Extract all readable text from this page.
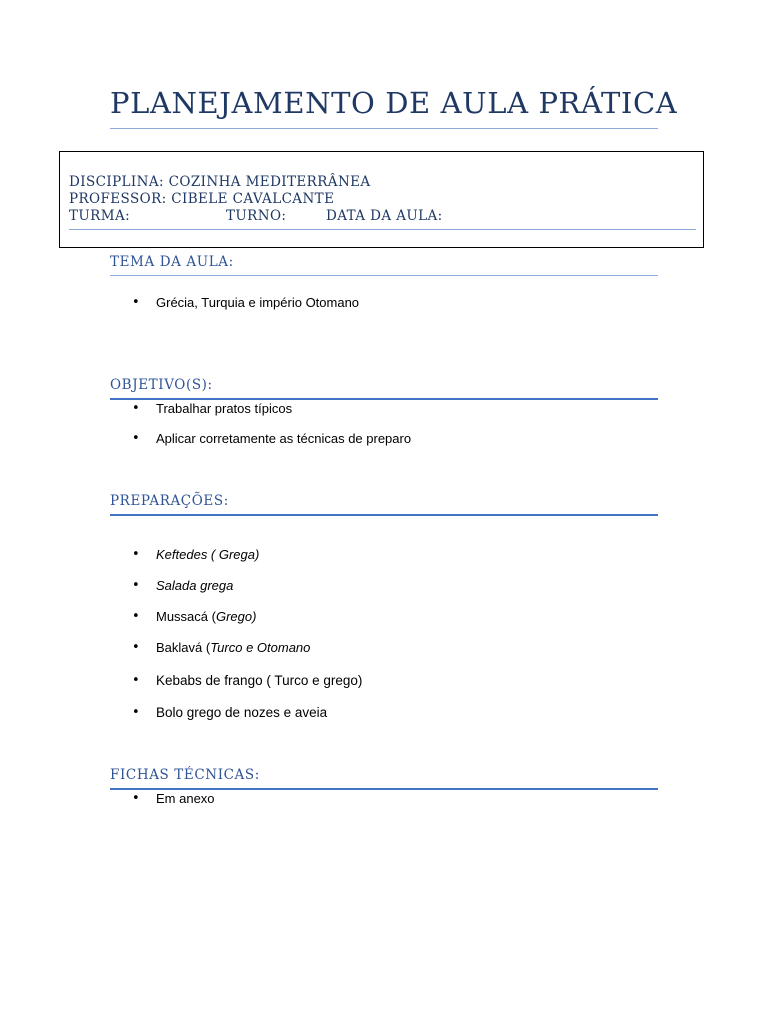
PLANEJAMENTO DE AULA PRÁTICA
DISCIPLINA: COZINHA MEDITERRÂNEA
PROFESSOR: CIBELE CAVALCANTE
TURMA:	TURNO:	DATA DA AULA:
TEMA DA AULA:
• Grécia, Turquia e império Otomano
OBJETIVO(S):
• Trabalhar pratos típicos
• Aplicar corretamente as técnicas de preparo
PREPARAÇÕES:
• Keftedes ( Grega)
• Salada grega
• Mussacá (Grego)
• Baklavá (Turco e Otomano
• Kebabs de frango ( Turco e grego)
• Bolo grego de nozes e aveia
FICHAS TÉCNICAS:
• Em anexo
